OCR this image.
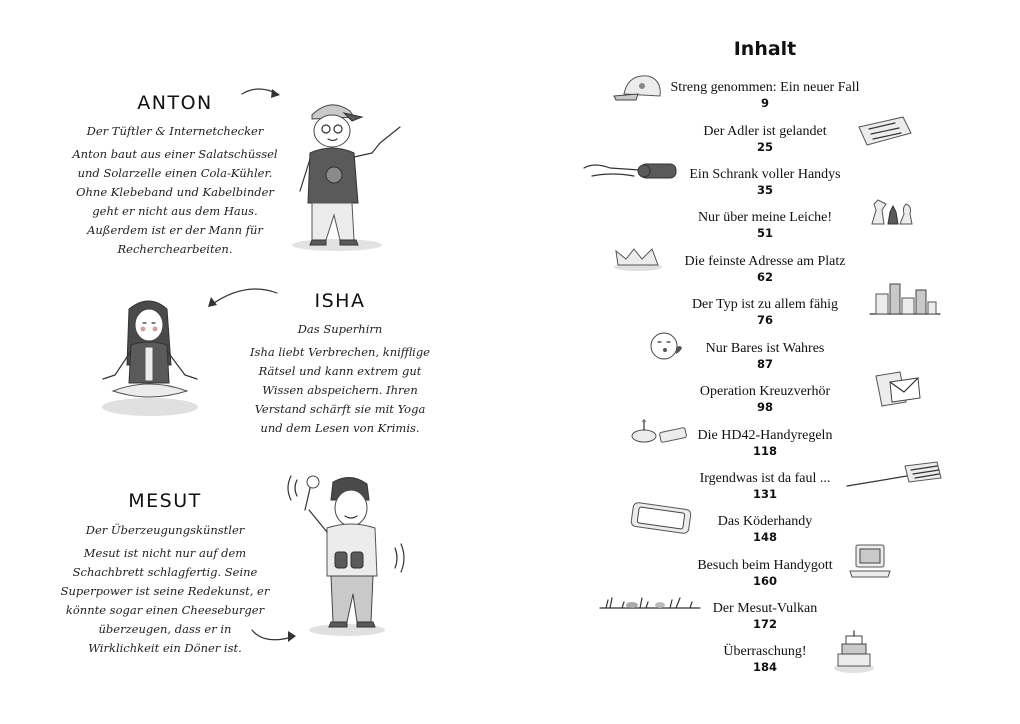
ANTON
Der Tüftler & Internetchecker
Anton baut aus einer Salatschüssel
und Solarzelle einen Cola-Kühler.
Ohne Klebeband und Kabelbinder
geht er nicht aus dem Haus.
Außerdem ist er der Mann für
Recherchearbeiten.
ISHA
Das Superhirn
Isha liebt Verbrechen, knifflige
Rätsel und kann extrem gut
Wissen abspeichern. Ihren
Verstand schärft sie mit Yoga
und dem Lesen von Krimis.
MESUT
Der Überzeugungskünstler
Mesut ist nicht nur auf dem
Schachbrett schlagfertig. Seine
Superpower ist seine Redekunst, er
könnte sogar einen Cheeseburger
überzeugen, dass er in
Wirklichkeit ein Döner ist.
Inhalt
Streng genommen: Ein neuer Fall
9
Der Adler ist gelandet
25
Ein Schrank voller Handys
35
Nur über meine Leiche!
51
Die feinste Adresse am Platz
62
Der Typ ist zu allem fähig
76
Nur Bares ist Wahres
87
Operation Kreuzverhör
98
Die HD42-Handyregeln
118
Irgendwas ist da faul ...
131
Das Köderhandy
148
Besuch beim Handygott
160
Der Mesut-Vulkan
172
Überraschung!
184
